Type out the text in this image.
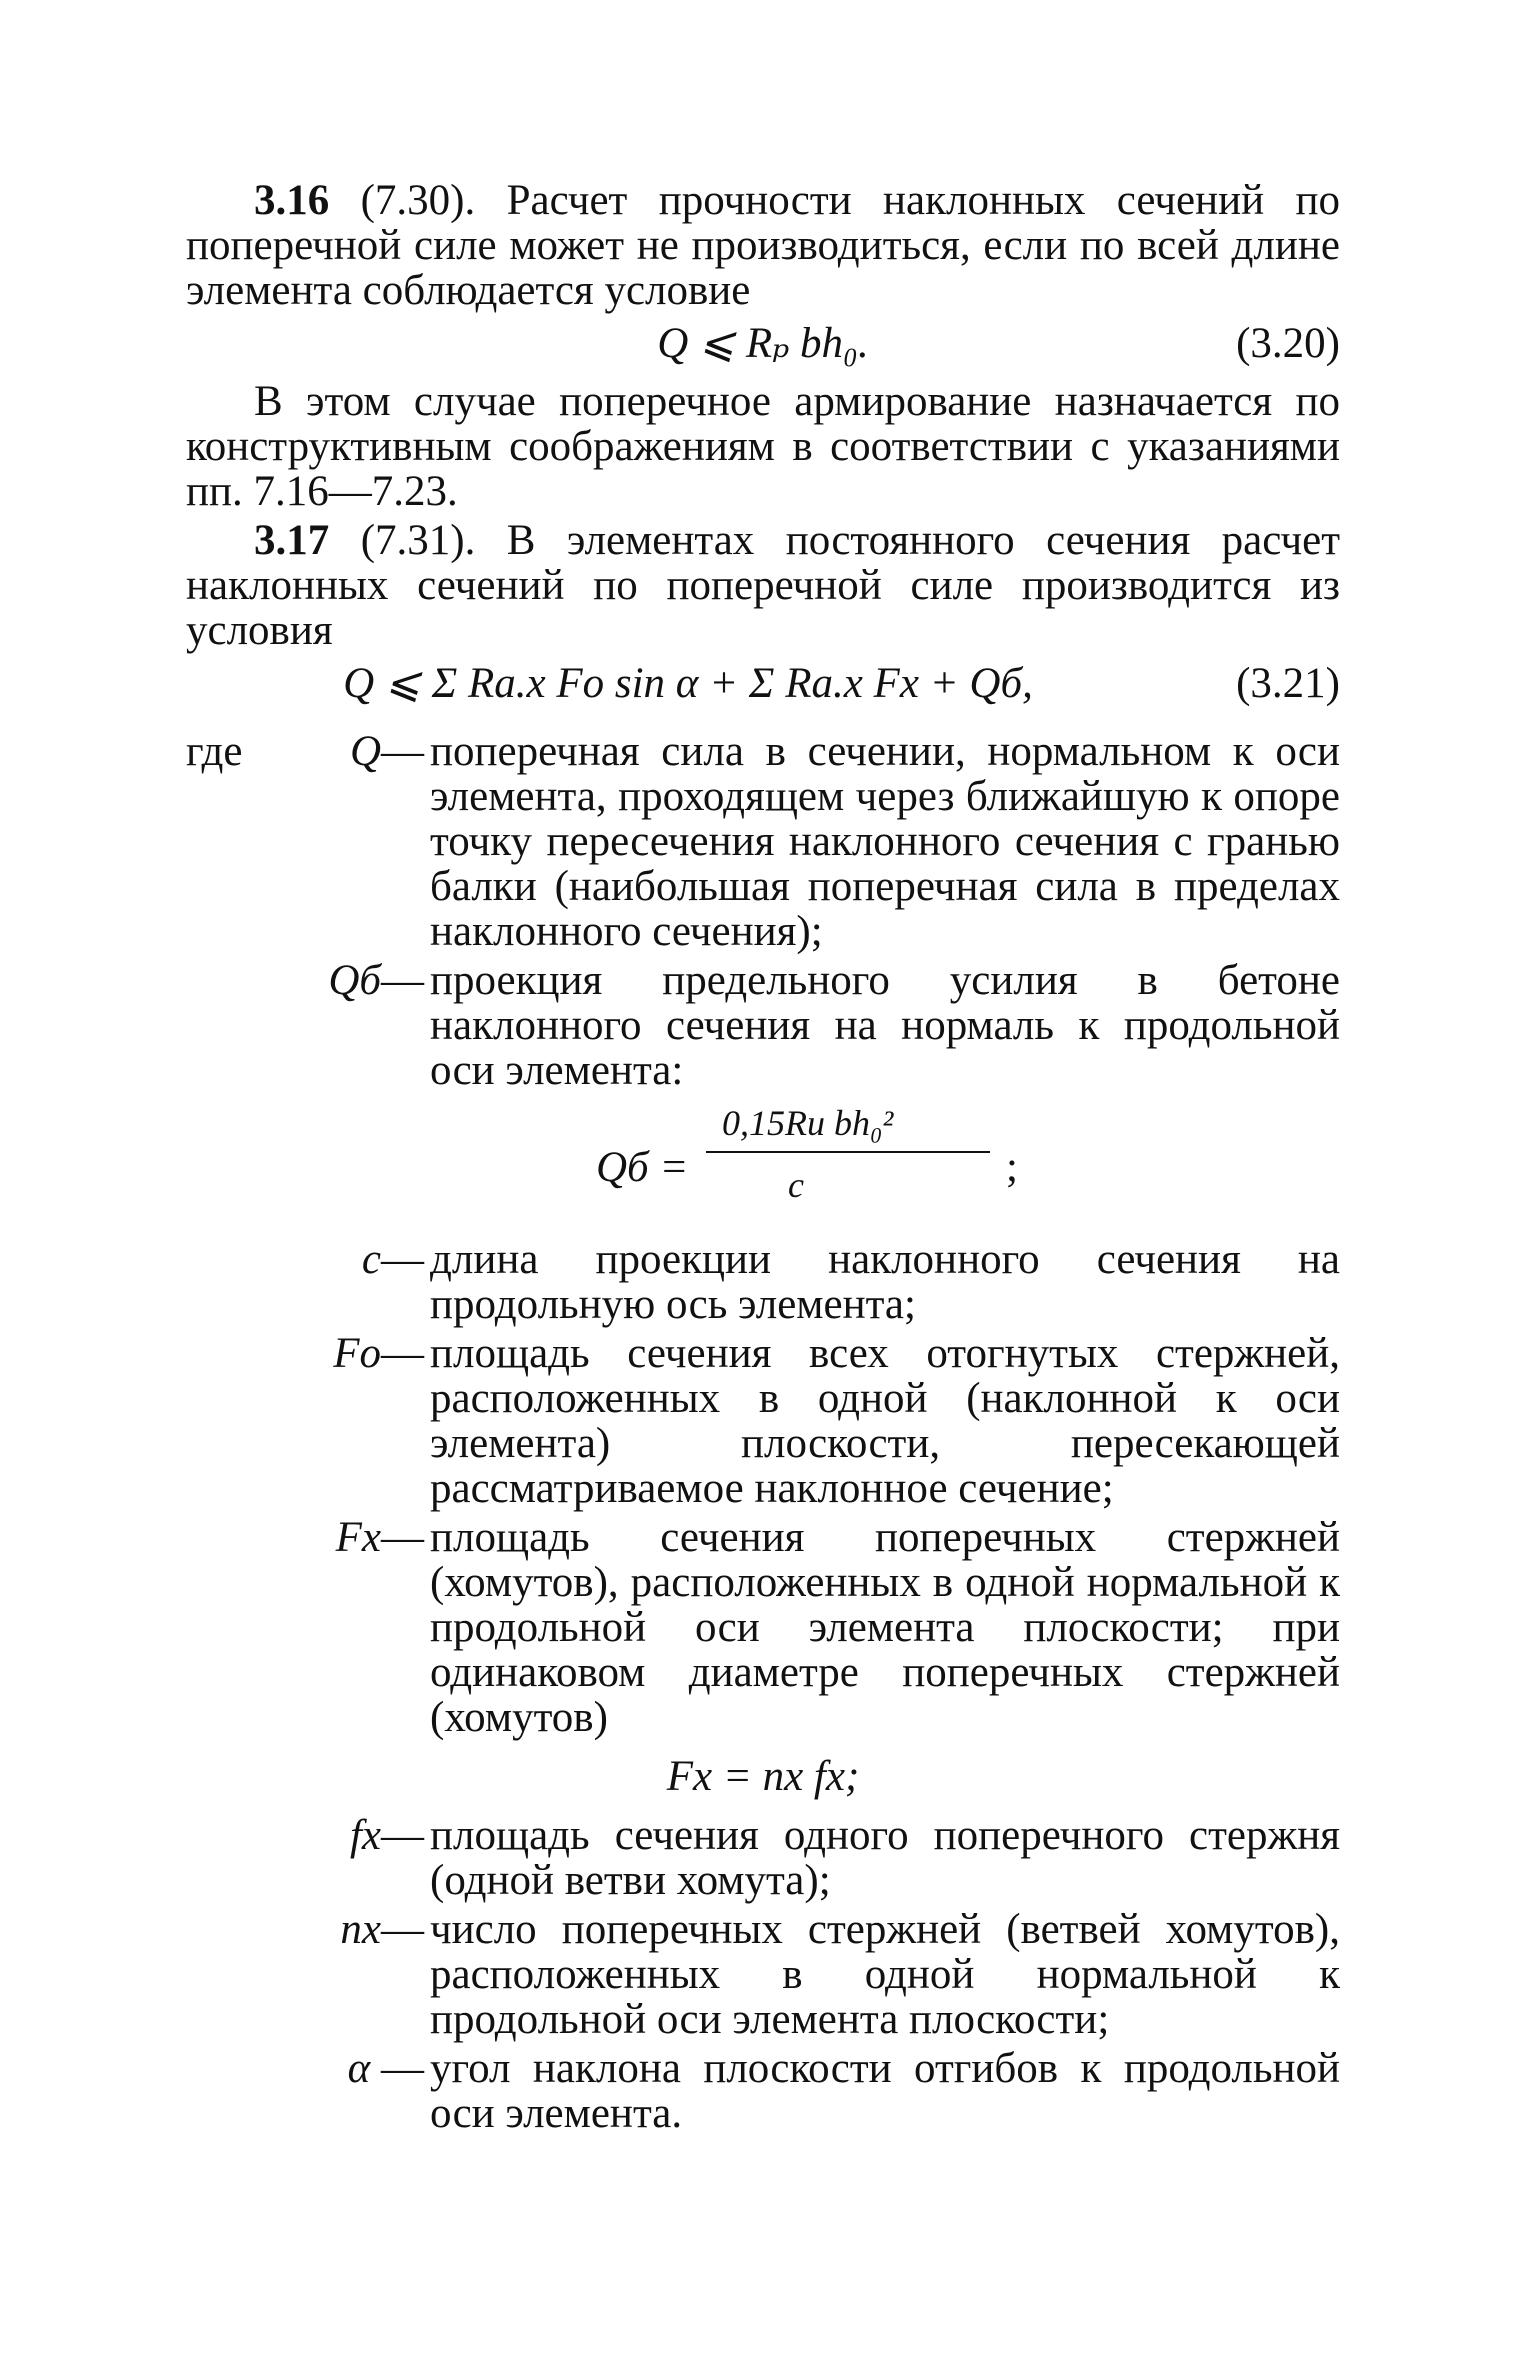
3.16 (7.30). Расчет прочности наклонных сечений по поперечной силе может не производиться, если по всей длине элемента соблюдается условие

Q ⩽ Rₚ bh₀.	(3.20)

В этом случае поперечное армирование назначается по конструктивным соображениям в соответствии с указаниями пп. 7.16—7.23.

3.17 (7.31). В элементах постоянного сечения расчет наклонных сечений по поперечной силе производится из условия

Q ⩽ Σ Rа.х Fо sin α + Σ Rа.х Fх + Qб,	(3.21)
где Q— поперечная сила в сечении, нормальном к оси элемента, проходящем через ближайшую к опоре точку пересечения наклонного сечения с гранью балки (наибольшая поперечная сила в пределах наклонного сечения);
Qб— проекция предельного усилия в бетоне наклонного сечения на нормаль к продольной оси элемента:
Qб =
0,15Rи bh₀²
c	;
c— длина проекции наклонного сечения на продольную ось элемента;
Fо— площадь сечения всех отогнутых стержней, расположенных в одной (наклонной к оси элемента) плоскости, пересекающей рассматриваемое наклонное сечение;
Fх— площадь сечения поперечных стержней (хомутов), расположенных в одной нормальной к продольной оси элемента плоскости; при одинаковом диаметре поперечных стержней (хомутов)
Fх = nх fх;
fх— площадь сечения одного поперечного стержня (одной ветви хомута);
nх— число поперечных стержней (ветвей хомутов), расположенных в одной нормальной к продольной оси элемента плоскости;
α — угол наклона плоскости отгибов к продольной оси элемента.
